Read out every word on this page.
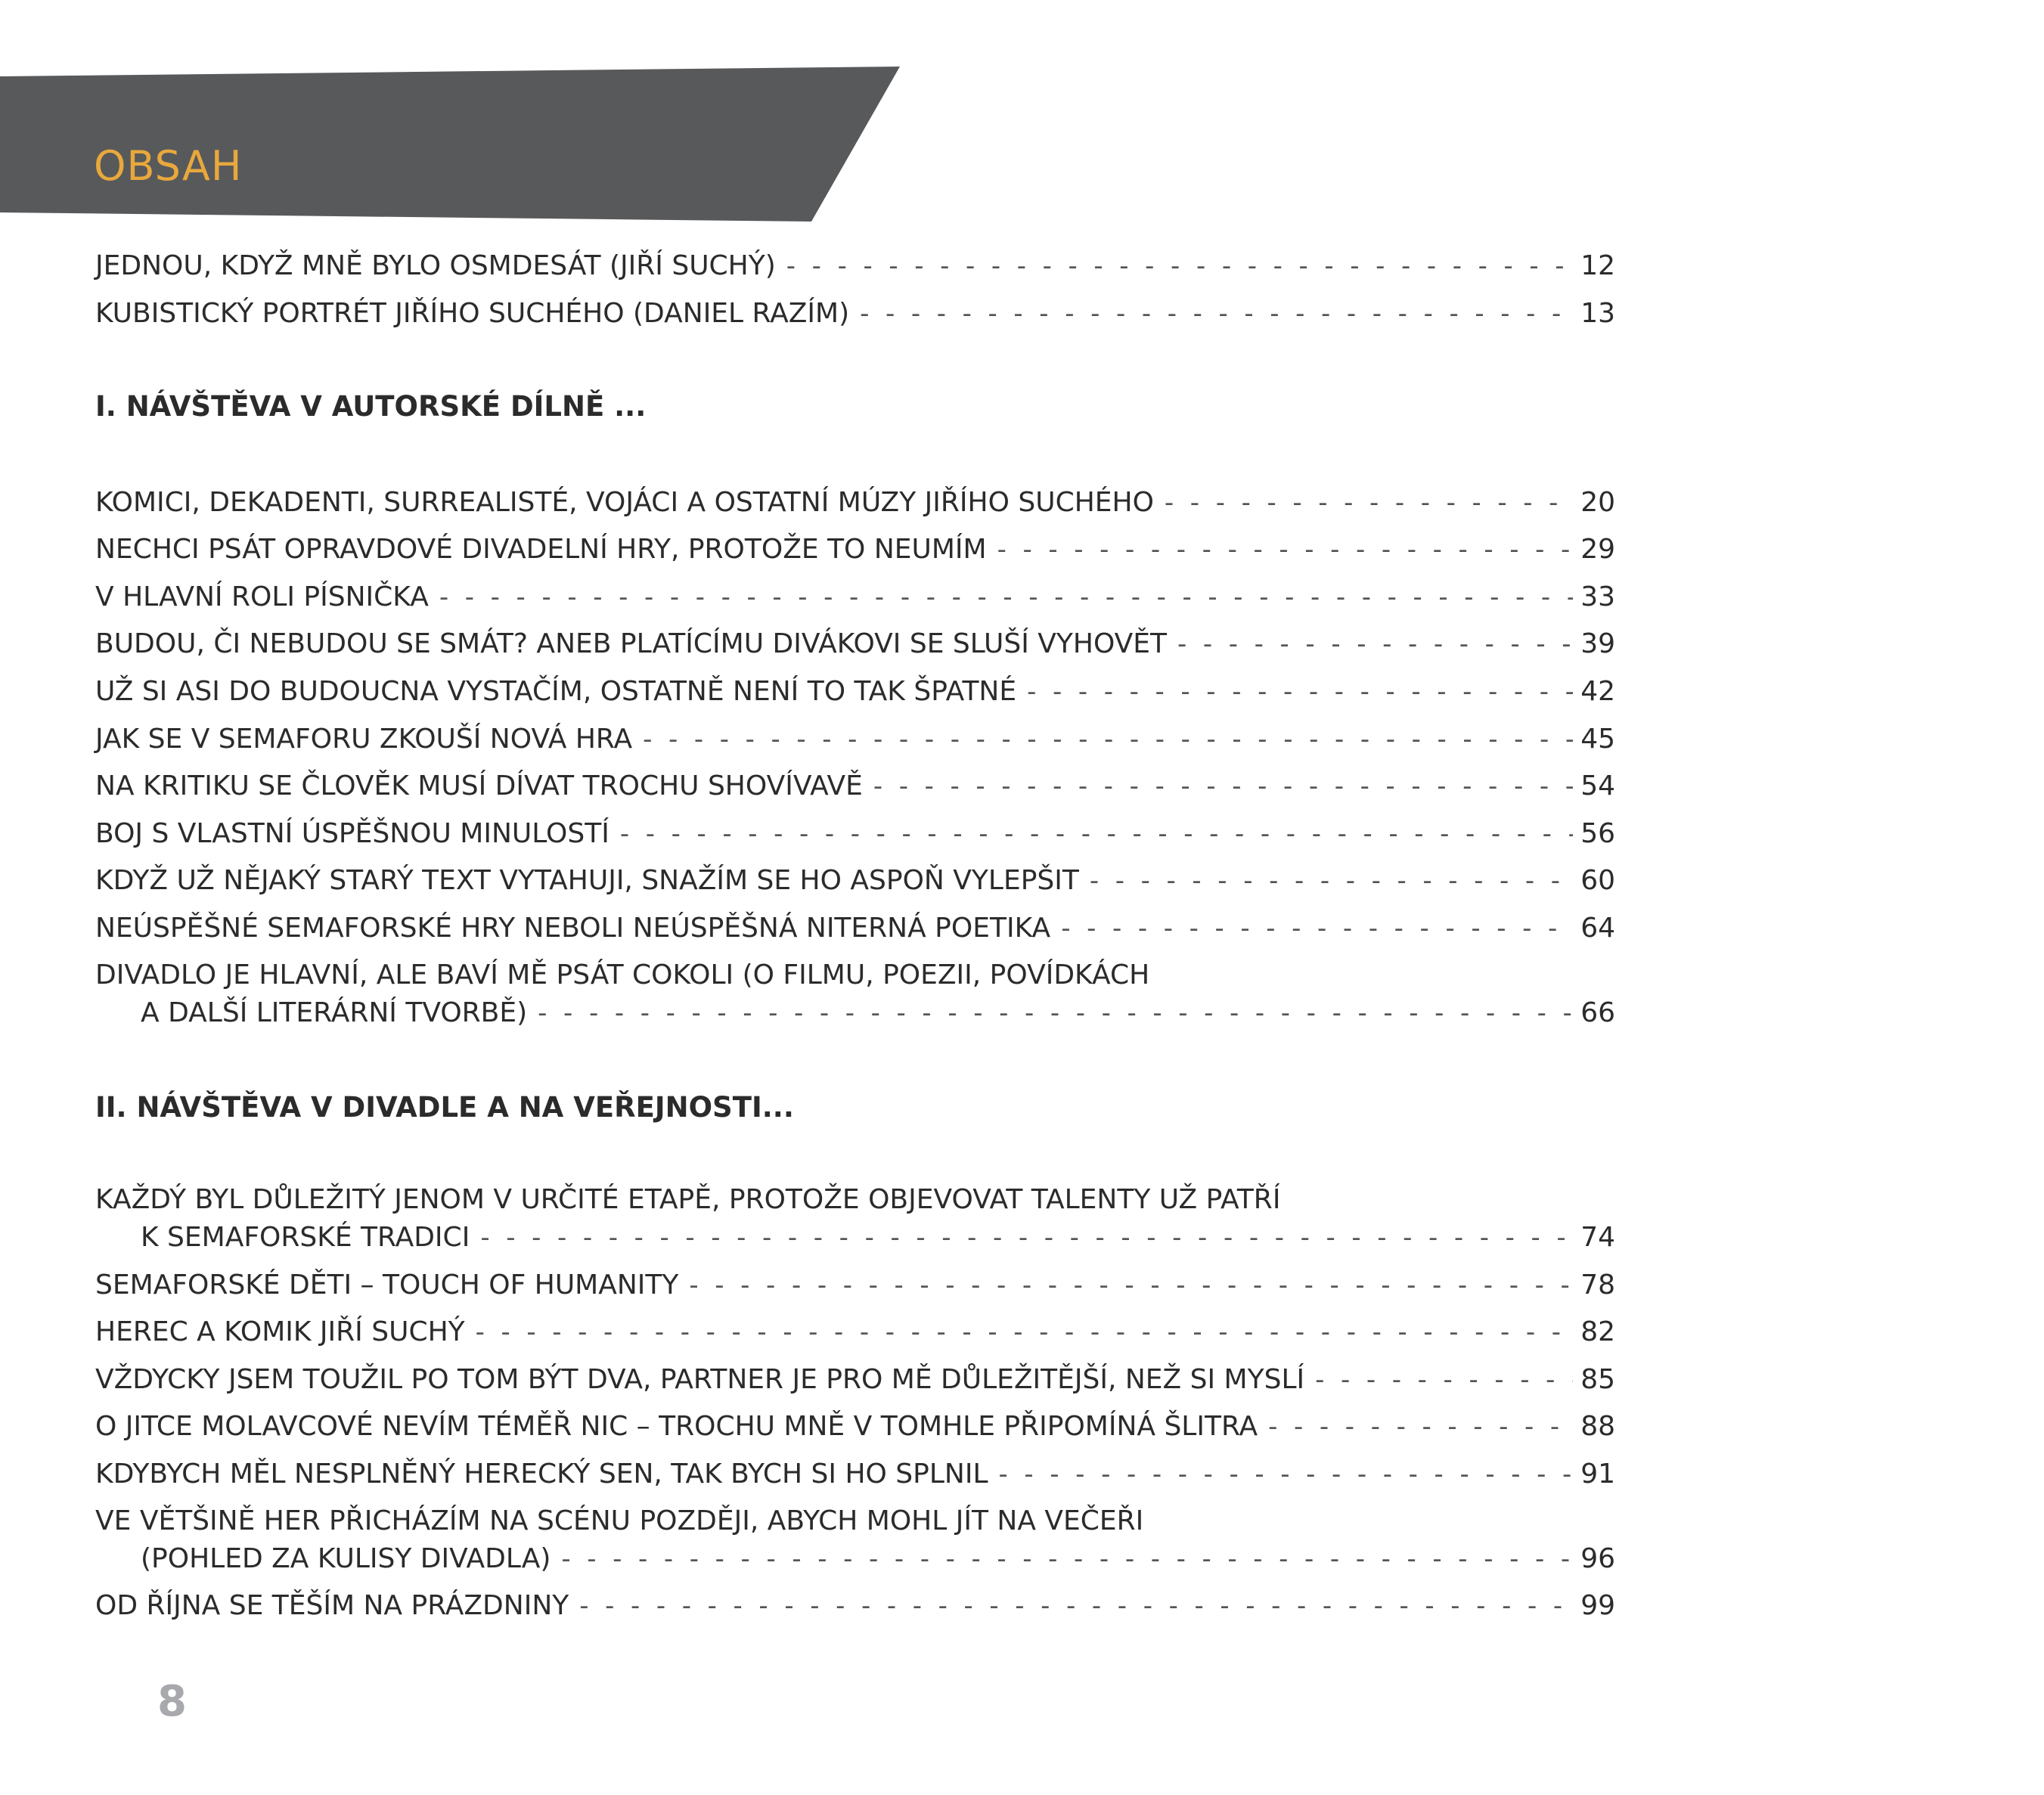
OBSAH
JEDNOU, KDYŽ MNĚ BYLO OSMDESÁT (JIŘÍ SUCHÝ) - -	12
KUBISTICKÝ PORTRÉT JIŘÍHO SUCHÉHO (DANIEL RAZÍM) - -	13
I. NÁVŠTĚVA V AUTORSKÉ DÍLNĚ ...
KOMICI, DEKADENTI, SURREALISTÉ, VOJÁCI A OSTATNÍ MÚZY JIŘÍHO SUCHÉHO - -	20
NECHCI PSÁT OPRAVDOVÉ DIVADELNÍ HRY, PROTOŽE TO NEUMÍM - -	29
V HLAVNÍ ROLI PÍSNIČKA - -	33
BUDOU, ČI NEBUDOU SE SMÁT? ANEB PLATÍCÍMU DIVÁKOVI SE SLUŠÍ VYHOVĚT - -	39
UŽ SI ASI DO BUDOUCNA VYSTAČÍM, OSTATNĚ NENÍ TO TAK ŠPATNÉ - -	42
JAK SE V SEMAFORU ZKOUŠÍ NOVÁ HRA - -	45
NA KRITIKU SE ČLOVĚK MUSÍ DÍVAT TROCHU SHOVÍVAVĚ - -	54
BOJ S VLASTNÍ ÚSPĚŠNOU MINULOSTÍ - -	56
KDYŽ UŽ NĚJAKÝ STARÝ TEXT VYTAHUJI, SNAŽÍM SE HO ASPOŇ VYLEPŠIT - -	60
NEÚSPĚŠNÉ SEMAFORSKÉ HRY NEBOLI NEÚSPĚŠNÁ NITERNÁ POETIKA - -	64
DIVADLO JE HLAVNÍ, ALE BAVÍ MĚ PSÁT COKOLI (O FILMU, POEZII, POVÍDKÁCH
A DALŠÍ LITERÁRNÍ TVORBĚ) - -	66
II. NÁVŠTĚVA V DIVADLE A NA VEŘEJNOSTI...
KAŽDÝ BYL DŮLEŽITÝ JENOM V URČITÉ ETAPĚ, PROTOŽE OBJEVOVAT TALENTY UŽ PATŘÍ
K SEMAFORSKÉ TRADICI - -	74
SEMAFORSKÉ DĚTI – TOUCH OF HUMANITY - -	78
HEREC A KOMIK JIŘÍ SUCHÝ - -	82
VŽDYCKY JSEM TOUŽIL PO TOM BÝT DVA, PARTNER JE PRO MĚ DŮLEŽITĚJŠÍ, NEŽ SI MYSLÍ - -	85
O JITCE MOLAVCOVÉ NEVÍM TÉMĚŘ NIC – TROCHU MNĚ V TOMHLE PŘIPOMÍNÁ ŠLITRA - -	88
KDYBYCH MĚL NESPLNĚNÝ HERECKÝ SEN, TAK BYCH SI HO SPLNIL - -	91
VE VĚTŠINĚ HER PŘICHÁZÍM NA SCÉNU POZDĚJI, ABYCH MOHL JÍT NA VEČEŘI
(POHLED ZA KULISY DIVADLA) - -	96
OD ŘÍJNA SE TĚŠÍM NA PRÁZDNINY - -	99
8
